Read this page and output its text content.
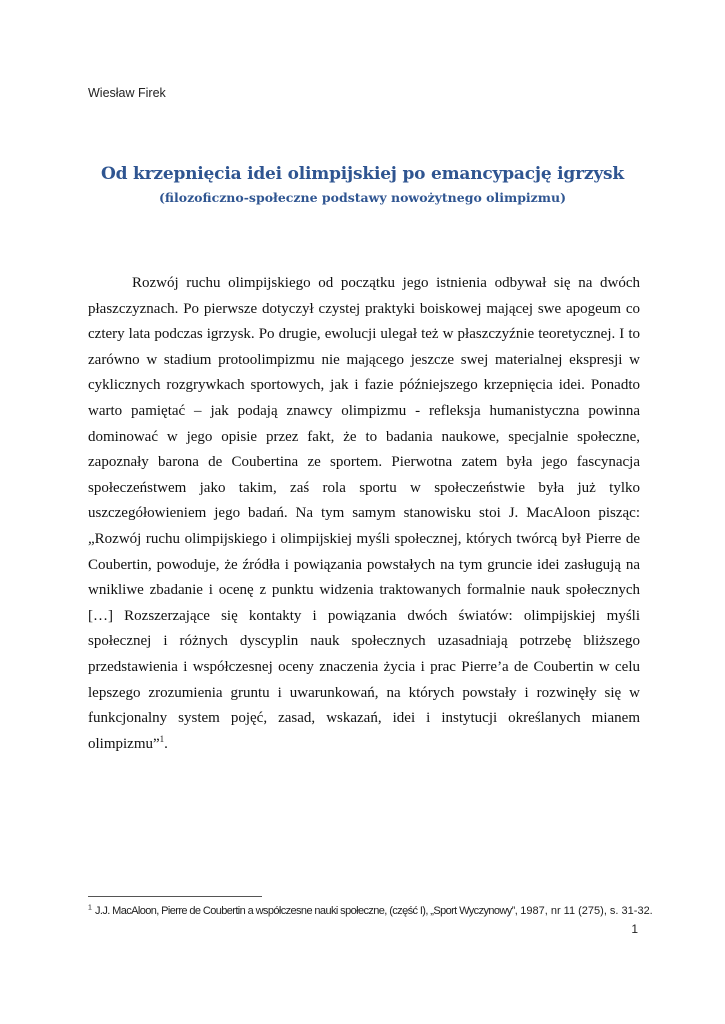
Wiesław Firek
Od krzepnięcia idei olimpijskiej po emancypację igrzysk
(filozoficzno-społeczne podstawy nowożytnego olimpizmu)

Rozwój ruchu olimpijskiego od początku jego istnienia odbywał się na dwóch płaszczyznach. Po pierwsze dotyczył czystej praktyki boiskowej mającej swe apogeum co cztery lata podczas igrzysk. Po drugie, ewolucji ulegał też w płaszczyźnie teoretycznej. I to zarówno w stadium protoolimpizmu nie mającego jeszcze swej materialnej ekspresji w cyklicznych rozgrywkach sportowych, jak i fazie późniejszego krzepnięcia idei. Ponadto warto pamiętać – jak podają znawcy olimpizmu - refleksja humanistyczna powinna dominować w jego opisie przez fakt, że to badania naukowe, specjalnie społeczne, zapoznały barona de Coubertina ze sportem. Pierwotna zatem była jego fascynacja społeczeństwem jako takim, zaś rola sportu w społeczeństwie była już tylko uszczegółowieniem jego badań. Na tym samym stanowisku stoi J. MacAloon pisząc: „Rozwój ruchu olimpijskiego i olimpijskiej myśli społecznej, których twórcą był Pierre de Coubertin, powoduje, że źródła i powiązania powstałych na tym gruncie idei zasługują na wnikliwe zbadanie i ocenę z punktu widzenia traktowanych formalnie nauk społecznych […] Rozszerzające się kontakty i powiązania dwóch światów: olimpijskiej myśli społecznej i różnych dyscyplin nauk społecznych uzasadniają potrzebę bliższego przedstawienia i współczesnej oceny znaczenia życia i prac Pierre’a de Coubertin w celu lepszego zrozumienia gruntu i uwarunkowań, na których powstały i rozwinęły się w funkcjonalny system pojęć, zasad, wskazań, idei i instytucji określanych mianem olimpizmu”$^1$.

$^1$ J.J. MacAloon, Pierre de Coubertin a współczesne nauki społeczne, (część I), „Sport Wyczynowy”, 1987, nr 11 (275), s. 31-32.
1
